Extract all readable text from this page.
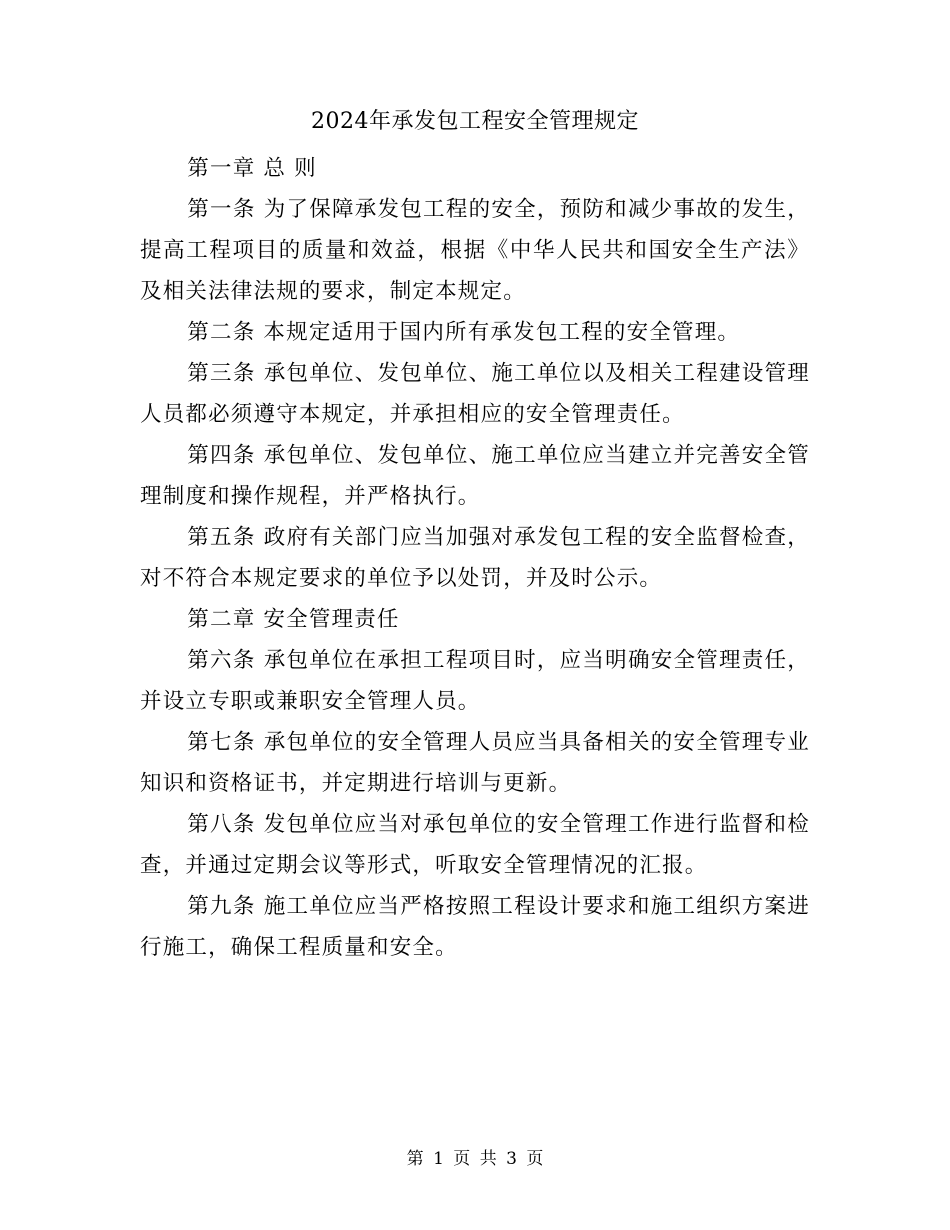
2024年承发包工程安全管理规定

第一章 总 则

第一条 为了保障承发包工程的安全，预防和减少事故的发生，提高工程项目的质量和效益，根据《中华人民共和国安全生产法》及相关法律法规的要求，制定本规定。

第二条 本规定适用于国内所有承发包工程的安全管理。

第三条 承包单位、发包单位、施工单位以及相关工程建设管理人员都必须遵守本规定，并承担相应的安全管理责任。

第四条 承包单位、发包单位、施工单位应当建立并完善安全管理制度和操作规程，并严格执行。

第五条 政府有关部门应当加强对承发包工程的安全监督检查，对不符合本规定要求的单位予以处罚，并及时公示。

第二章 安全管理责任

第六条 承包单位在承担工程项目时，应当明确安全管理责任，并设立专职或兼职安全管理人员。

第七条 承包单位的安全管理人员应当具备相关的安全管理专业知识和资格证书，并定期进行培训与更新。

第八条 发包单位应当对承包单位的安全管理工作进行监督和检查，并通过定期会议等形式，听取安全管理情况的汇报。

第九条 施工单位应当严格按照工程设计要求和施工组织方案进行施工，确保工程质量和安全。

第 1 页 共 3 页
